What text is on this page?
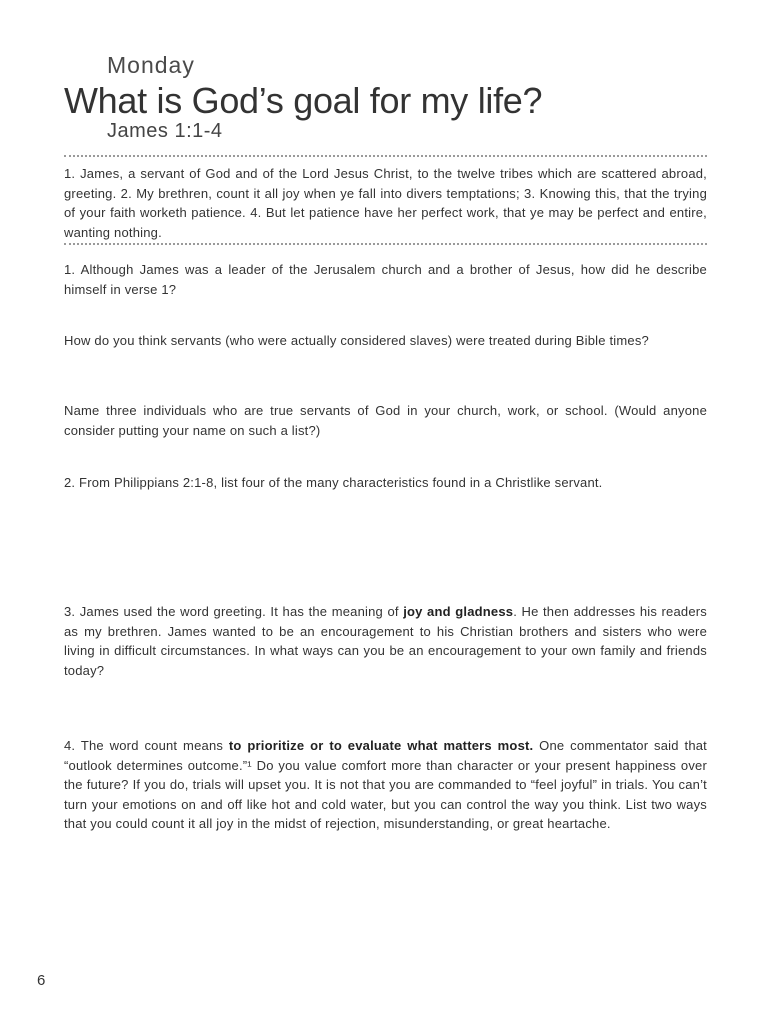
Monday
What is God’s goal for my life?
James 1:1-4
1. James, a servant of God and of the Lord Jesus Christ, to the twelve tribes which are scattered abroad, greeting. 2. My brethren, count it all joy when ye fall into divers temptations; 3. Knowing this, that the trying of your faith worketh patience. 4. But let patience have her perfect work, that ye may be perfect and entire, wanting nothing.
1. Although James was a leader of the Jerusalem church and a brother of Jesus, how did he describe himself in verse 1?
How do you think servants (who were actually considered slaves) were treated during Bible times?
Name three individuals who are true servants of God in your church, work, or school. (Would anyone consider putting your name on such a list?)
2. From Philippians 2:1-8, list four of the many characteristics found in a Christlike servant.
3. James used the word greeting. It has the meaning of joy and gladness. He then addresses his readers as my brethren. James wanted to be an encouragement to his Christian brothers and sisters who were living in difficult circumstances. In what ways can you be an encouragement to your own family and friends today?
4. The word count means to prioritize or to evaluate what matters most. One commentator said that “outlook determines outcome.”¹ Do you value comfort more than character or your present happiness over the future? If you do, trials will upset you. It is not that you are commanded to “feel joyful” in trials. You can’t turn your emotions on and off like hot and cold water, but you can control the way you think. List two ways that you could count it all joy in the midst of rejection, misunderstanding, or great heartache.
6
